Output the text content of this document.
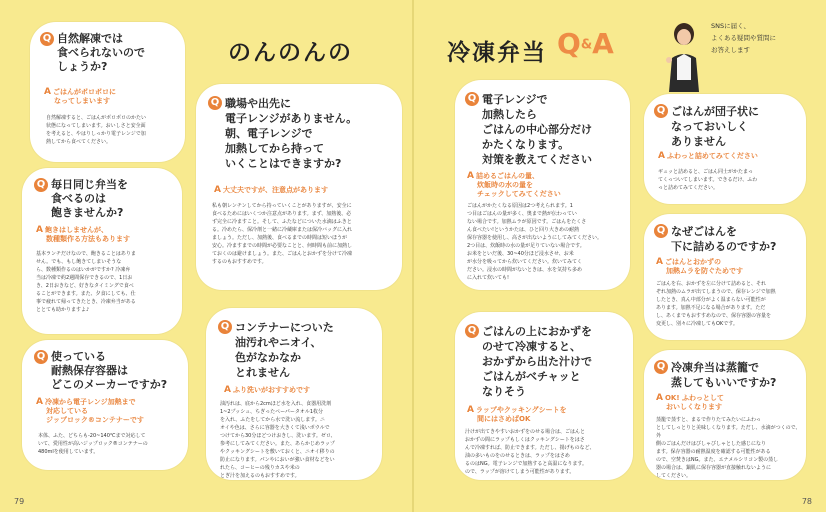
のんのんの	冷凍弁当 Q&A
SNSに届く、
よくある疑問や質問に
お答えします
Q 自然解凍では
食べられないので
しょうか?
A ごはんがボロボロに
なってしまいます

自然解凍すると、ごはんがボロボロのかたい

状態になってしまいます。おいしさと安全面

を考えると、やはりしっかり電子レンジで加

熱してから食べてください。

Q 毎日同じ弁当を
食べるのは
飽きませんか?
A 飽きはしませんが、
数種類作る方法もあります

基本ランチだけなので、飽きることはありま

せん。でも、もし飽きてしまいそうな

ら、数種類作るのはいかがですか? 冷凍弁

当は冷凍で約2週間保存できるので、1日お

き、2日おきなど、好きなタイミングで食べ

ることができます。また、夕食にしても、仕

事で疲れて帰ってきたとき、冷凍弁当がある

ととても助かりますよ♪

Q 使っている
耐熱保存容器は
どこのメーカーですか?
A 冷凍から電子レンジ加熱まで
対応している
ジップロック®コンテナーです

本体、ふた、どちらも-20~140℃まで対応して

いて、愛用性が高いジップロック®コンテナーの

480mlを使用しています。

Q 職場や出先に
電子レンジがありません。
朝、電子レンジで
加熱してから持って
いくことはできますか?
A 大丈夫ですが、注意点があります

私も朝レンチンしてから持っていくことがありますが、安全に

食べるためにはいくつか注意点があります。まず、加熱後、必

ず完全に冷ますこと。そして、ふたなどについた水滴はふきと

る。冷めたら、保冷剤と一緒に冷蔵庫または保冷バッグに入れ

ましょう。ただし、加熱後、食べるまでの時間は短いほうが

安心。冷ますまでの時間が必要なことと、何時間も前に加熱し

ておくのは避けましょう。また、ごはんとおかずを分けて冷凍

するのもおすすめです。

Q コンテナーについた
油汚れやニオイ、
色がなかなか
とれません
A ふり洗いがおすすめです

油汚れは、底から2cmほど水を入れ、食器用洗剤

1~2プッシュ、ちぎったペーパータオル1枚分

を入れ、ふたをしてから水で洗い流します。ニ

オイや色は、さらに容器を大きくて浅いボウルで

つけてから30分ほどつけおきし、洗います。ゼロ、

参考にしてみてください。また、あらかじめラップ

やクッキングシートを敷いておくと、ニオイ移りの

防止になります。パンやにおいが強い食材などをい

れたら、コーヒーの残りカスや米の

とぎ汁を加えるのもおすすめです。

Q 電子レンジで
加熱したら
ごはんの中心部分だけ
かたくなります。
対策を教えてください
A 詰めるごはんの量、
炊飯時の水の量を
チェックしてみてください

ごはんがかたくなる原因は2つ考えられます。1

つ目はごはんの量が多く、奥まで熱が伝わってい

ない場合です。加熱ムラが原因です。ごはんをたくさ

ん食べたい!というかたは、ひと回り大きめの耐熱

保存容器を使用し、高さが出ないようにしてみてください。

2つ目は、炊飯時の水の量が足りていない場合です。

お米をといだ後、30~40分ほど浸水させ、お米

が水分を吸ってから炊いてください。炊いてみてく

ださい。浸水の時間がないときは、水を気持ち多め

に入れて炊いても!

Q ごはんの上におかずを
のせて冷凍すると、
おかずから出た汁けで
ごはんがベチャッと
なりそう
A ラップやクッキングシートを
間にはさめばOK

汁けが出てきやすいおかずをのせる場合は、ごはんと

おかずの間にラップもしくはクッキングシートをはさ

んで冷凍すれば、防止できます。ただし、揚げものなど、

油の多いものをのせるときは、ラップをはさめ

るのはNG。電子レンジで加熱すると高温になります。

ので、ラップが溶けてしまう可能性があります。

Q ごはんが団子状に
なっておいしく
ありません
A ふわっと詰めてみてください

ギュッと詰めると、ごはん同士がかたまっ

てくっついてしまいます。できるだけ、ふわ

っと詰めてみてください。

Q なぜごはんを
下に詰めるのですか?
A ごはんとおかずの
加熱ムラを防ぐためです

ごはんを右、おかずを左に分けて詰めると、それ

ぞれ加熱のムラが出てしまうので、保存レンジで加熱

したとき、真ん中部分がよく温まらない可能性が

あります。加熱不足になる場合があります。ただ

し、あくまでもおすすめなので、保存容器の容量を

変更し、別々に冷凍してもOKです。

Q 冷凍弁当は蒸籠で
蒸してもいいですか?
A OK! ふわっとして
おいしくなります

蒸籠で蒸すと、まるで作りたてみたいにふわっ

としてしっとりと美味しくなります。ただし、水滴がつくので、外

側のごはんだけはびしゃびしゃとした感じになり

ます。保存容器の耐熱温度を確認する可能性がある

ので、空焚きはNG。また、エナメルシリコン製の蒸し

器の場合は、鍋肌に保存容器が直接触れないように

してください。

79	78
